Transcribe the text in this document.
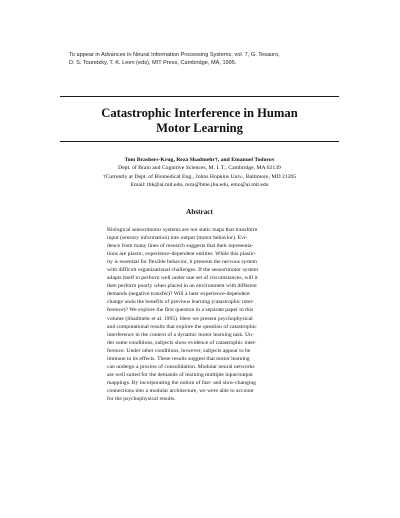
To appear in Advances in Neural Information Processing Systems, vol. 7, G. Tesauro,
D. S. Touretzky, T. K. Leen (eds), MIT Press, Cambridge, MA, 1995.
Catastrophic Interference in Human
Motor Learning
Tom Brashers-Krug, Reza Shadmehr†, and Emanuel Todorov
Dept. of Brain and Cognitive Sciences, M. I. T., Cambridge, MA 02139
†Currently at Dept. of Biomedical Eng., Johns Hopkins Univ., Baltimore, MD 21205
Email: tbk@ai.mit.edu, reza@bme.jhu.edu, emo@ai.mit.edu
Abstract
Biological sensorimotor systems are not static maps that transform
input (sensory information) into output (motor behavior). Evi-
dence from many lines of research suggests that their representa-
tions are plastic, experience-dependent entities. While this plastic-
ity is essential for flexible behavior, it presents the nervous system
with difficult organizational challenges. If the sensorimotor system
adapts itself to perform well under one set of circumstances, will it
then perform poorly when placed in an environment with different
demands (negative transfer)? Will a later experience-dependent
change undo the benefits of previous learning (catastrophic inter-
ference)? We explore the first question in a separate paper in this
volume (Shadmehr et al. 1995). Here we present psychophysical
and computational results that explore the question of catastrophic
interference in the context of a dynamic motor learning task. Un-
der some conditions, subjects show evidence of catastrophic inter-
ference. Under other conditions, however, subjects appear to be
immune to its effects. These results suggest that motor learning
can undergo a process of consolidation. Modular neural networks
are well suited for the demands of learning multiple input/output
mappings. By incorporating the notion of fast- and slow-changing
connections into a modular architecture, we were able to account
for the psychophysical results.
